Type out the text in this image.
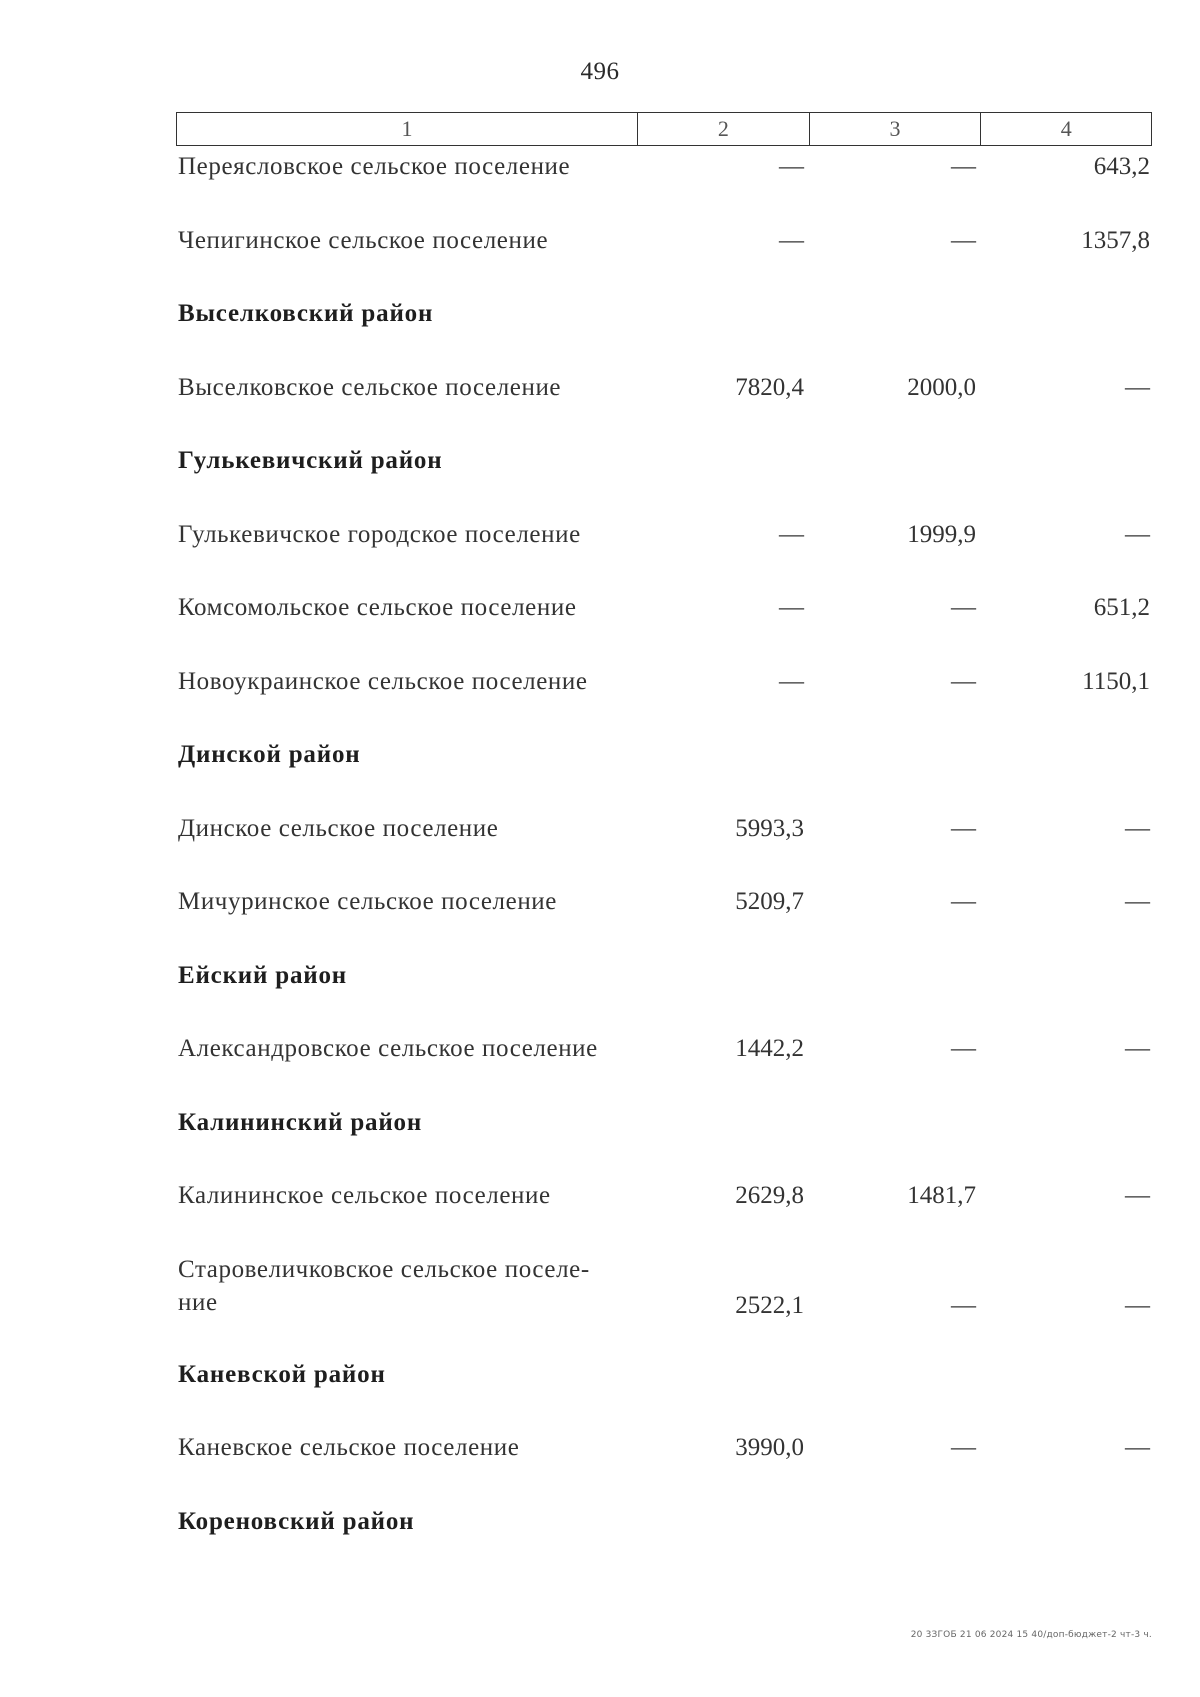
496
1	2	3	4
Переясловское сельское поселение	—	—	643,2
Чепигинское сельское поселение	—	—	1357,8
Выселковский район
Выселковское сельское поселение	7820,4	2000,0	—
Гулькевичский район
Гулькевичское городское поселение	—	1999,9	—
Комсомольское сельское поселение	—	—	651,2
Новоукраинское сельское поселение	—	—	1150,1
Динской район
Динское сельское поселение	5993,3	—	—
Мичуринское сельское поселение	5209,7	—	—
Ейский район
Александровское сельское поселение	1442,2	—	—
Калининский район
Калининское сельское поселение	2629,8	1481,7	—
Старовеличковское сельское поселе-
ние	2522,1	—	—
Каневской район
Каневское сельское поселение	3990,0	—	—
Кореновский район
20 3ЗГОБ 21 06 2024 15 40/доп-бюджет-2 чт-3 ч.
